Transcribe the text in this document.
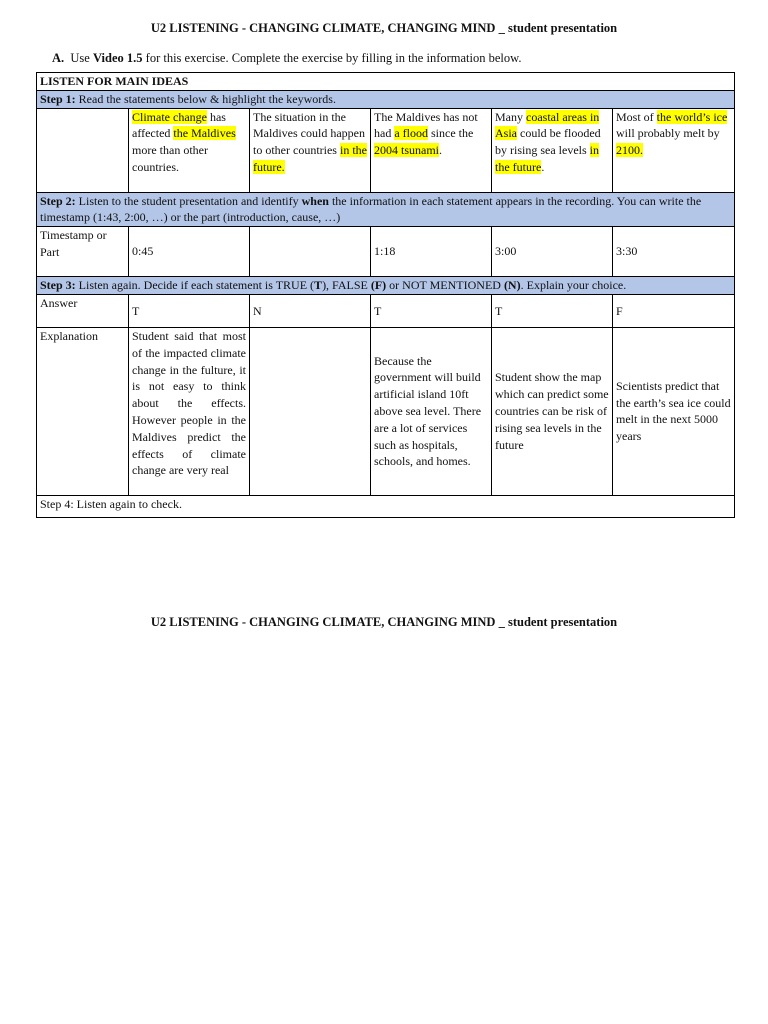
U2 LISTENING - CHANGING CLIMATE, CHANGING MIND _ student presentation
A. Use Video 1.5 for this exercise. Complete the exercise by filling in the information below.
LISTEN FOR MAIN IDEAS					
Step 1: Read the statements below & highlight the keywords.					
	Climate change has affected the Maldives more than other countries.	The situation in the Maldives could happen to other countries in the future.	The Maldives has not had a flood since the 2004 tsunami.	Many coastal areas in Asia could be flooded by rising sea levels in the future.	Most of the world’s ice will probably melt by 2100.
Step 2: Listen to the student presentation and identify when the information in each statement appears in the recording. You can write the timestamp (1:43, 2:00, …) or the part (introduction, cause, …)					
Timestamp or Part	0:45		1:18	3:00	3:30
Step 3: Listen again. Decide if each statement is TRUE (T), FALSE (F) or NOT MENTIONED (N). Explain your choice.					
Answer	T	N	T	T	F
Explanation	Student said that most of the impacted climate change in the fulture, it is not easy to think about the effects. However people in the Maldives predict the effects of climate change are very real		Because the government will build artificial island 10ft above sea level. There are a lot of services such as hospitals, schools, and homes.	Student show the map which can predict some countries can be risk of rising sea levels in the future	Scientists predict that the earth’s sea ice could melt in the next 5000 years
Step 4: Listen again to check.					
U2 LISTENING - CHANGING CLIMATE, CHANGING MIND _ student presentation
